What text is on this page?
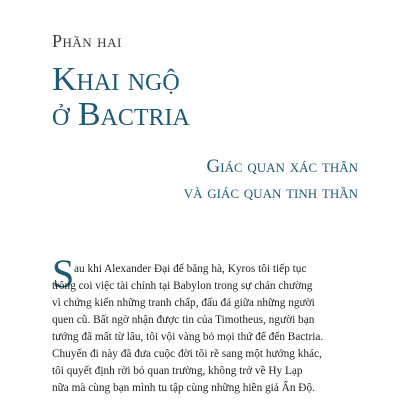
Phần hai
Khai ngộ
ở Bactria
Giác quan xác thân
và giác quan tinh thần
S au khi Alexander Đại đế băng hà, Kyros tôi tiếp tục
trông coi việc tài chính tại Babylon trong sự chán chường
vì chứng kiến những tranh chấp, đấu đá giữa những người
quen cũ. Bất ngờ nhận được tin của Timotheus, người bạn
tướng đã mất từ lâu, tôi vội vàng bỏ mọi thứ để đến Bactria.
Chuyến đi này đã đưa cuộc đời tôi rẽ sang một hướng khác,
tôi quyết định rời bỏ quan trường, không trở về Hy Lạp
nữa mà cùng bạn mình tu tập cùng những hiền giả Ấn Độ.
